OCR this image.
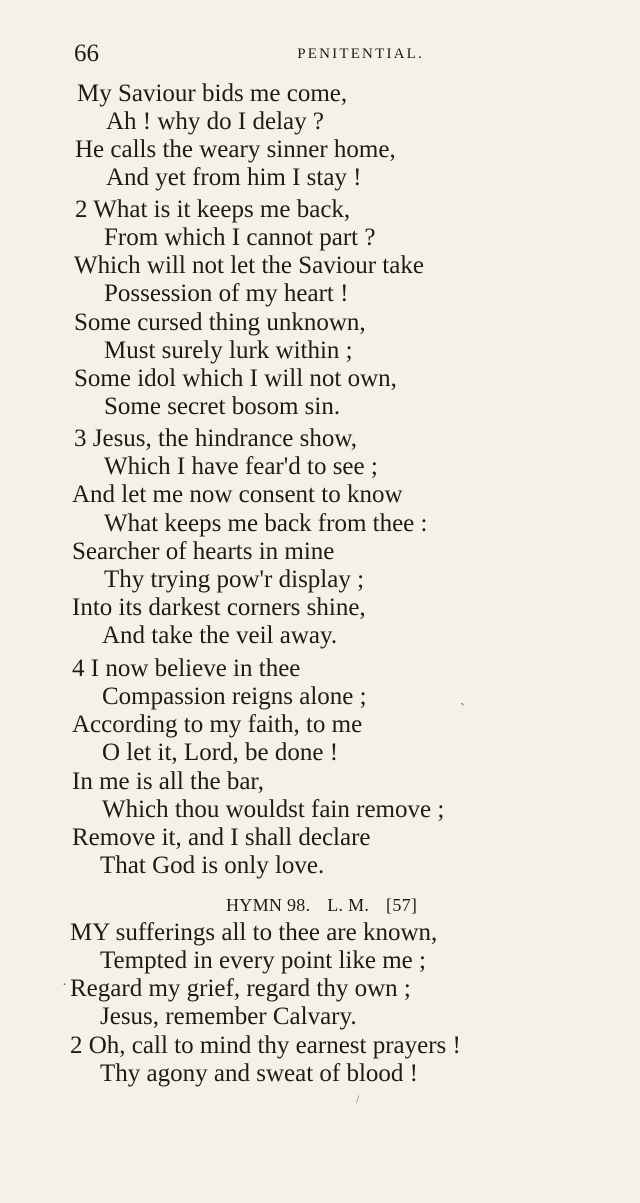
66	PENITENTIAL.
My Saviour bids me come,
Ah ! why do I delay ?
He calls the weary sinner home,
And yet from him I stay !
2 What is it keeps me back,
From which I cannot part ?
Which will not let the Saviour take
Possession of my heart !
Some cursed thing unknown,
Must surely lurk within ;
Some idol which I will not own,
Some secret bosom sin.
3 Jesus, the hindrance show,
Which I have fear'd to see ;
And let me now consent to know
What keeps me back from thee :
Searcher of hearts in mine
Thy trying pow'r display ;
Into its darkest corners shine,
And take the veil away.
4 I now believe in thee
Compassion reigns alone ;
According to my faith, to me
O let it, Lord, be done !
In me is all the bar,
Which thou wouldst fain remove ;
Remove it, and I shall declare
That God is only love.
HYMN 98. L. M. [57]
MY sufferings all to thee are known,
Tempted in every point like me ;
Regard my grief, regard thy own ;
Jesus, remember Calvary.
2 Oh, call to mind thy earnest prayers !
Thy agony and sweat of blood !
˴
·
/
